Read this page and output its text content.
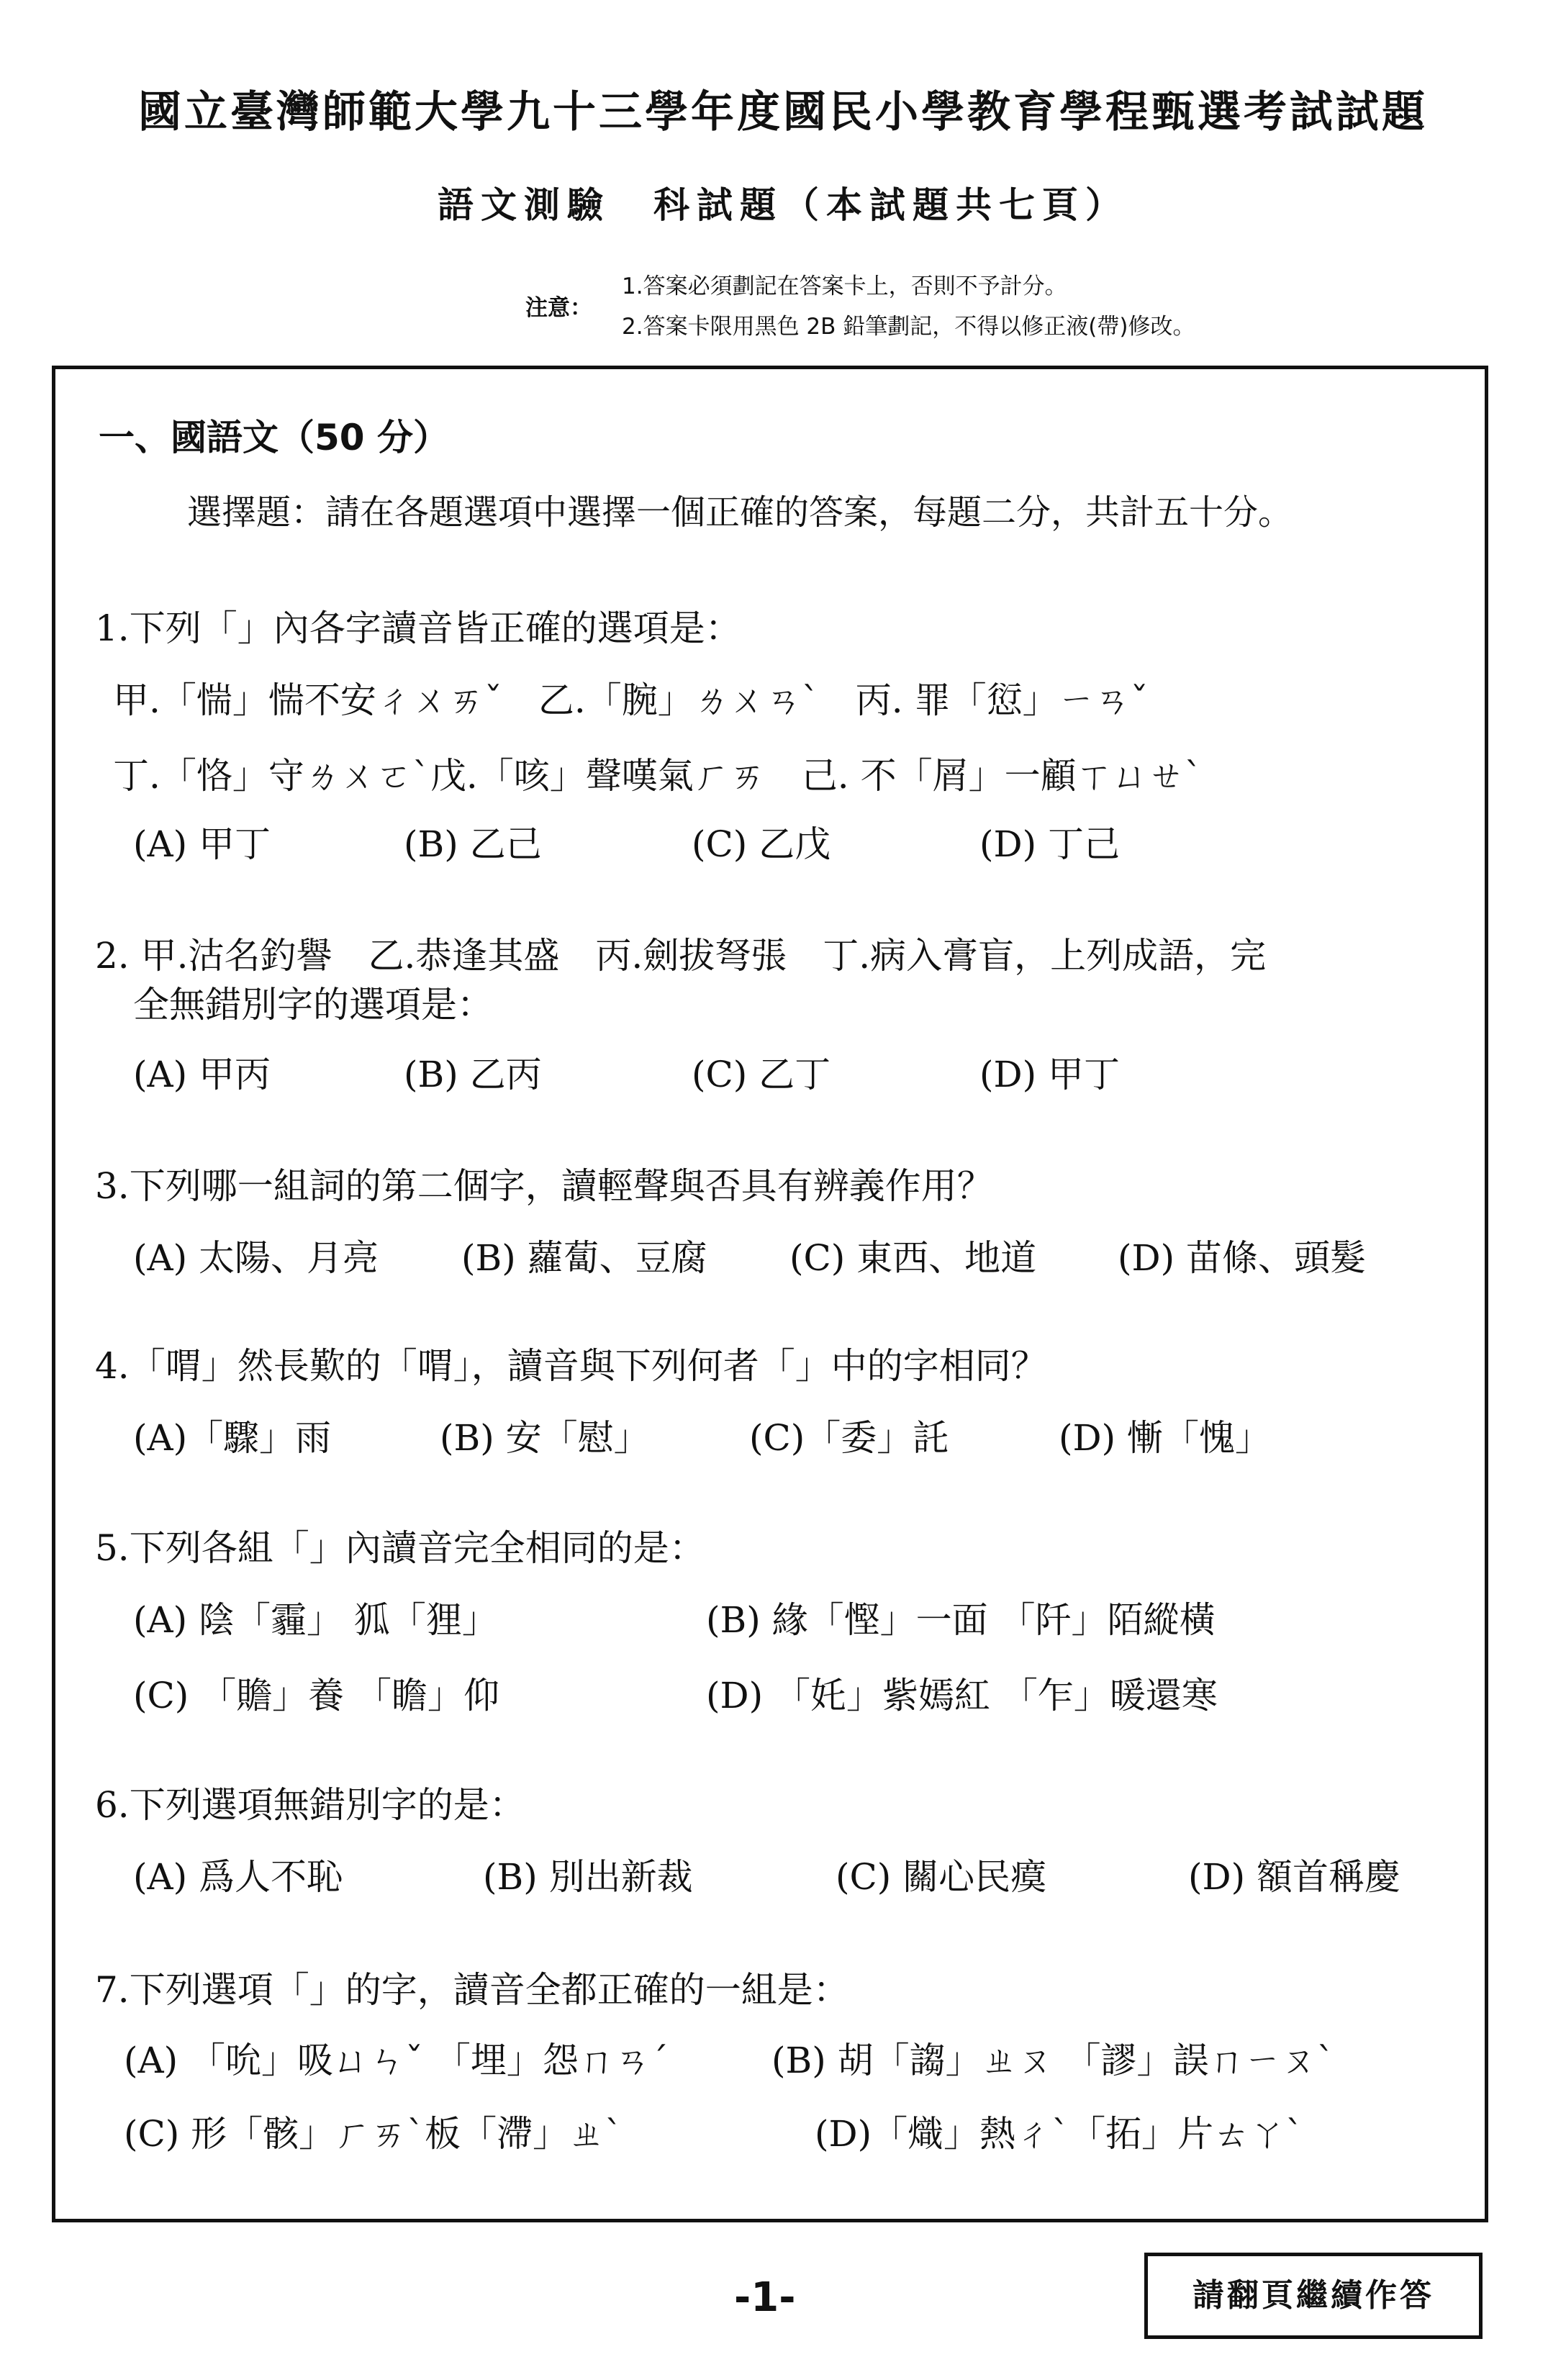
國立臺灣師範大學九十三學年度國民小學教育學程甄選考試試題
語文測驗　科試題（本試題共七頁）
注意：
1.答案必須劃記在答案卡上，否則不予計分。
2.答案卡限用黑色 2B 鉛筆劃記，不得以修正液(帶)修改。
一、國語文（50 分）
選擇題：請在各題選項中選擇一個正確的答案，每題二分，共計五十分。
1.下列「」內各字讀音皆正確的選項是：
甲.「惴」惴不安ㄔㄨㄞˇ　乙.「腕」ㄌㄨㄢˋ　丙. 罪「愆」ㄧㄢˇ
丁.「恪」守ㄌㄨㄛˋ戊.「咳」聲嘆氣ㄏㄞ　己. 不「屑」一顧ㄒㄩㄝˋ
(A) 甲丁	(B) 乙己	(C) 乙戊	(D) 丁己
2. 甲.沽名釣譽　乙.恭逢其盛　丙.劍拔弩張　丁.病入膏盲，上列成語，完
全無錯別字的選項是：
(A) 甲丙	(B) 乙丙	(C) 乙丁	(D) 甲丁
3.下列哪一組詞的第二個字，讀輕聲與否具有辨義作用？
(A) 太陽、月亮 (B) 蘿蔔、豆腐 (C) 東西、地道 (D) 苗條、頭髮
4.「喟」然長歎的「喟」，讀音與下列何者「」中的字相同？
(A)「驟」雨	(B) 安「慰」	(C)「委」託	(D) 慚「愧」
5.下列各組「」內讀音完全相同的是：
(A) 陰「霾」 狐「狸」	(B) 緣「慳」一面 「阡」陌縱橫
(C) 「贍」養 「瞻」仰	(D) 「奼」紫嫣紅 「乍」暖還寒
6.下列選項無錯別字的是：
(A) 爲人不恥	(B) 別出新裁	(C) 關心民瘼	(D) 額首稱慶
7.下列選項「」的字，讀音全都正確的一組是：
(A) 「吮」吸ㄩㄣˇ 「埋」怨ㄇㄢˊ	(B) 胡「謅」ㄓㄡ 「謬」誤ㄇㄧㄡˋ
(C) 形「骸」ㄏㄞˋ板「滯」ㄓˋ	(D)「熾」熱ㄔˋ「拓」片ㄊㄚˋ
-1-	請翻頁繼續作答
